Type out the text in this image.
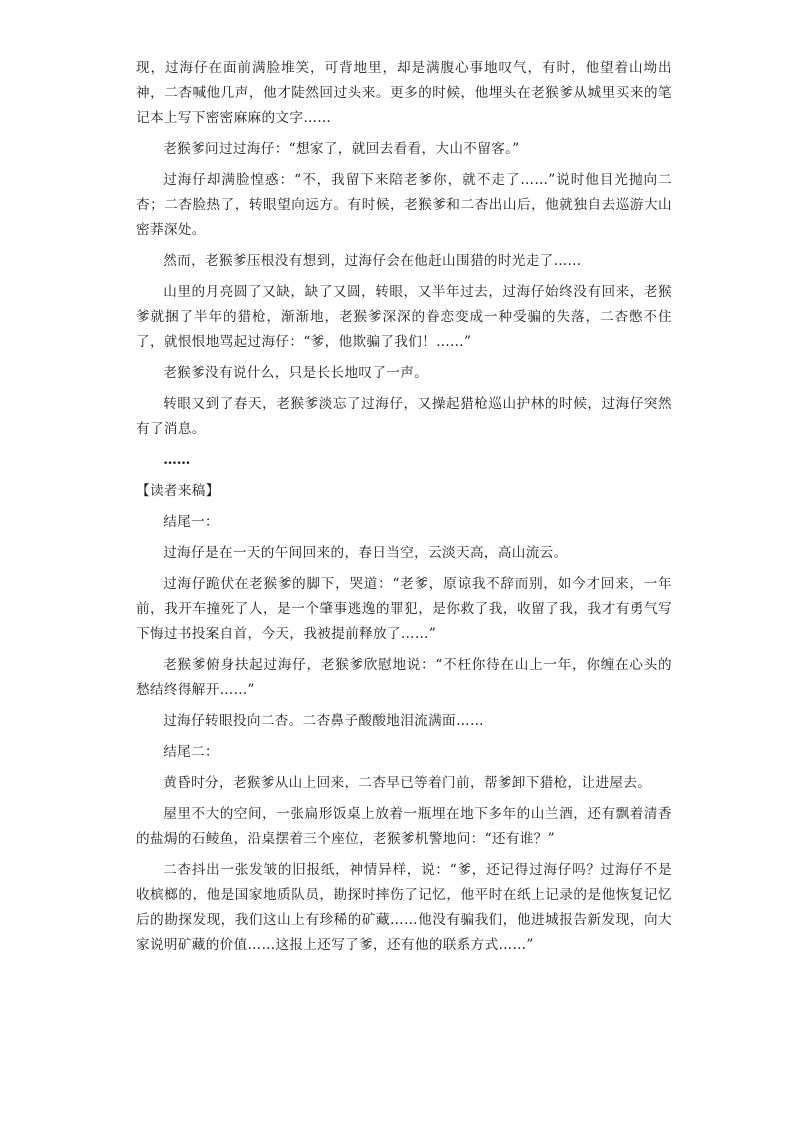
现，过海仔在面前满脸堆笑，可背地里，却是满腹心事地叹气，有时，他望着山坳出神，二杏喊他几声，他才陡然回过头来。更多的时候，他埋头在老猴爹从城里买来的笔记本上写下密密麻麻的文字……

老猴爹问过过海仔：“想家了，就回去看看，大山不留客。”

过海仔却满脸惶惑：“不，我留下来陪老爹你，就不走了……”说时他目光抛向二杏；二杏脸热了，转眼望向远方。有时候，老猴爹和二杏出山后，他就独自去巡游大山密莽深处。

然而，老猴爹压根没有想到，过海仔会在他赶山围猎的时光走了……

山里的月亮圆了又缺，缺了又圆，转眼，又半年过去，过海仔始终没有回来，老猴爹就捆了半年的猎枪，渐渐地，老猴爹深深的眷恋变成一种受骗的失落，二杏憋不住了，就恨恨地骂起过海仔：“爹，他欺骗了我们！……”

老猴爹没有说什么，只是长长地叹了一声。

转眼又到了春天，老猴爹淡忘了过海仔，又操起猎枪巡山护林的时候，过海仔突然有了消息。

……

【读者来稿】

结尾一：

过海仔是在一天的午间回来的，春日当空，云淡天高，高山流云。

过海仔跪伏在老猴爹的脚下，哭道：“老爹，原谅我不辞而别，如今才回来，一年前，我开车撞死了人，是一个肇事逃逸的罪犯，是你救了我，收留了我，我才有勇气写下悔过书投案自首，今天，我被提前释放了……”

老猴爹俯身扶起过海仔，老猴爹欣慰地说：“不枉你待在山上一年，你缠在心头的愁结终得解开……”

过海仔转眼投向二杏。二杏鼻子酸酸地泪流满面……

结尾二：

黄昏时分，老猴爹从山上回来，二杏早已等着门前，帮爹卸下猎枪，让进屋去。

屋里不大的空间，一张扁形饭桌上放着一瓶埋在地下多年的山兰酒，还有飘着清香的盐焗的石鲮鱼，沿桌摆着三个座位，老猴爹机警地问：“还有谁？”

二杏抖出一张发皱的旧报纸，神情异样，说：“爹，还记得过海仔吗？过海仔不是收槟榔的，他是国家地质队员，勘探时摔伤了记忆，他平时在纸上记录的是他恢复记忆后的勘探发现，我们这山上有珍稀的矿藏……他没有骗我们，他进城报告新发现，向大家说明矿藏的价值……这报上还写了爹，还有他的联系方式……”
